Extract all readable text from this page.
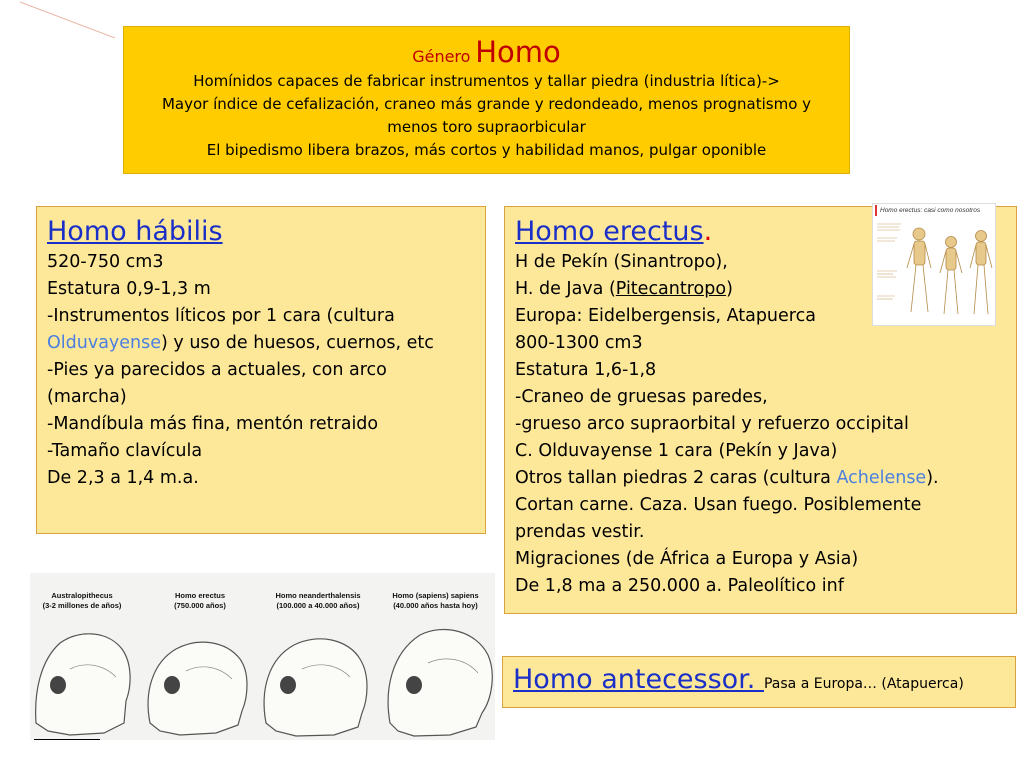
Género Homo
Homínidos capaces de fabricar instrumentos y tallar piedra (industria lítica)->
Mayor índice de cefalización, craneo más grande y redondeado, menos prognatismo y
menos toro supraorbicular
El bipedismo libera brazos, más cortos y habilidad manos, pulgar oponible
Homo hábilis
520-750 cm3
Estatura 0,9-1,3 m
-Instrumentos líticos por 1 cara (cultura
Olduvayense) y uso de huesos, cuernos, etc
-Pies ya parecidos a actuales, con arco
(marcha)
-Mandíbula más fina, mentón retraido
-Tamaño clavícula
De 2,3 a 1,4 m.a.
Homo erectus.
H de Pekín (Sinantropo),
H. de Java (Pitecantropo)
Europa: Eidelbergensis, Atapuerca
800-1300 cm3
Estatura 1,6-1,8
-Craneo de gruesas paredes,
-grueso arco supraorbital y refuerzo occipital
C. Olduvayense 1 cara (Pekín y Java)
Otros tallan piedras 2 caras (cultura Achelense).
Cortan carne. Caza. Usan fuego. Posiblemente
prendas vestir.
Migraciones (de África a Europa y Asia)
De 1,8 ma a 250.000 a. Paleolítico inf
Homo erectus: casi como nosotros
Australopithecus
(3-2 millones de años)
Homo erectus
(750.000 años)
Homo neanderthalensis
(100.000 a 40.000 años)
Homo (sapiens) sapiens
(40.000 años hasta hoy)
Homo antecessor. Pasa a Europa… (Atapuerca)
